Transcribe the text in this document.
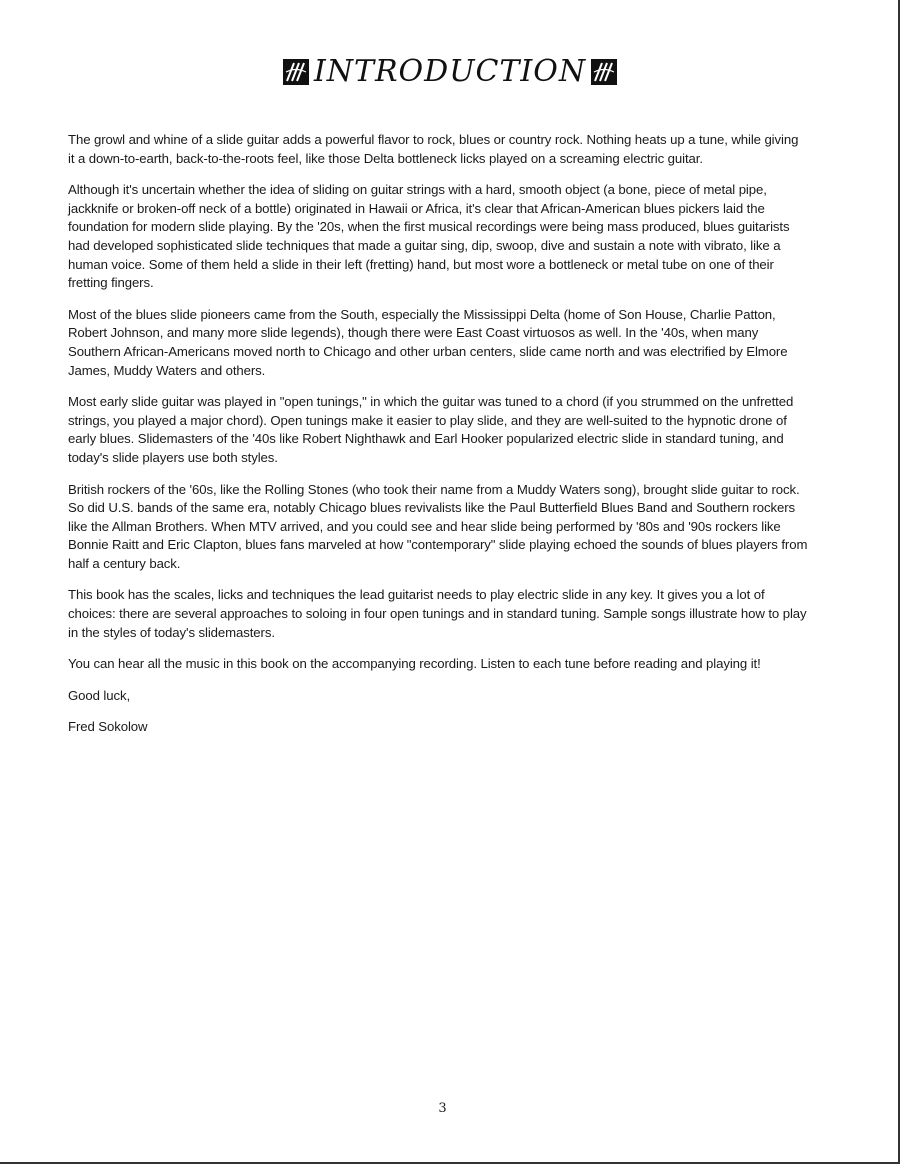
INTRODUCTION

The growl and whine of a slide guitar adds a powerful flavor to rock, blues or country rock. Nothing heats up a tune, while giving it a down-to-earth, back-to-the-roots feel, like those Delta bottleneck licks played on a screaming electric guitar.

Although it's uncertain whether the idea of sliding on guitar strings with a hard, smooth object (a bone, piece of metal pipe, jackknife or broken-off neck of a bottle) originated in Hawaii or Africa, it's clear that African-American blues pickers laid the foundation for modern slide playing. By the '20s, when the first musical recordings were being mass produced, blues guitarists had developed sophisticated slide techniques that made a guitar sing, dip, swoop, dive and sustain a note with vibrato, like a human voice. Some of them held a slide in their left (fretting) hand, but most wore a bottleneck or metal tube on one of their fretting fingers.

Most of the blues slide pioneers came from the South, especially the Mississippi Delta (home of Son House, Charlie Patton, Robert Johnson, and many more slide legends), though there were East Coast virtuosos as well. In the '40s, when many Southern African-Americans moved north to Chicago and other urban centers, slide came north and was electrified by Elmore James, Muddy Waters and others.

Most early slide guitar was played in "open tunings," in which the guitar was tuned to a chord (if you strummed on the unfretted strings, you played a major chord). Open tunings make it easier to play slide, and they are well-suited to the hypnotic drone of early blues. Slidemasters of the '40s like Robert Nighthawk and Earl Hooker popularized electric slide in standard tuning, and today's slide players use both styles.

British rockers of the '60s, like the Rolling Stones (who took their name from a Muddy Waters song), brought slide guitar to rock. So did U.S. bands of the same era, notably Chicago blues revivalists like the Paul Butterfield Blues Band and Southern rockers like the Allman Brothers. When MTV arrived, and you could see and hear slide being performed by '80s and '90s rockers like Bonnie Raitt and Eric Clapton, blues fans marveled at how "contemporary" slide playing echoed the sounds of blues players from half a century back.

This book has the scales, licks and techniques the lead guitarist needs to play electric slide in any key. It gives you a lot of choices: there are several approaches to soloing in four open tunings and in standard tuning. Sample songs illustrate how to play in the styles of today's slidemasters.

You can hear all the music in this book on the accompanying recording. Listen to each tune before reading and playing it!

Good luck,

Fred Sokolow

3
